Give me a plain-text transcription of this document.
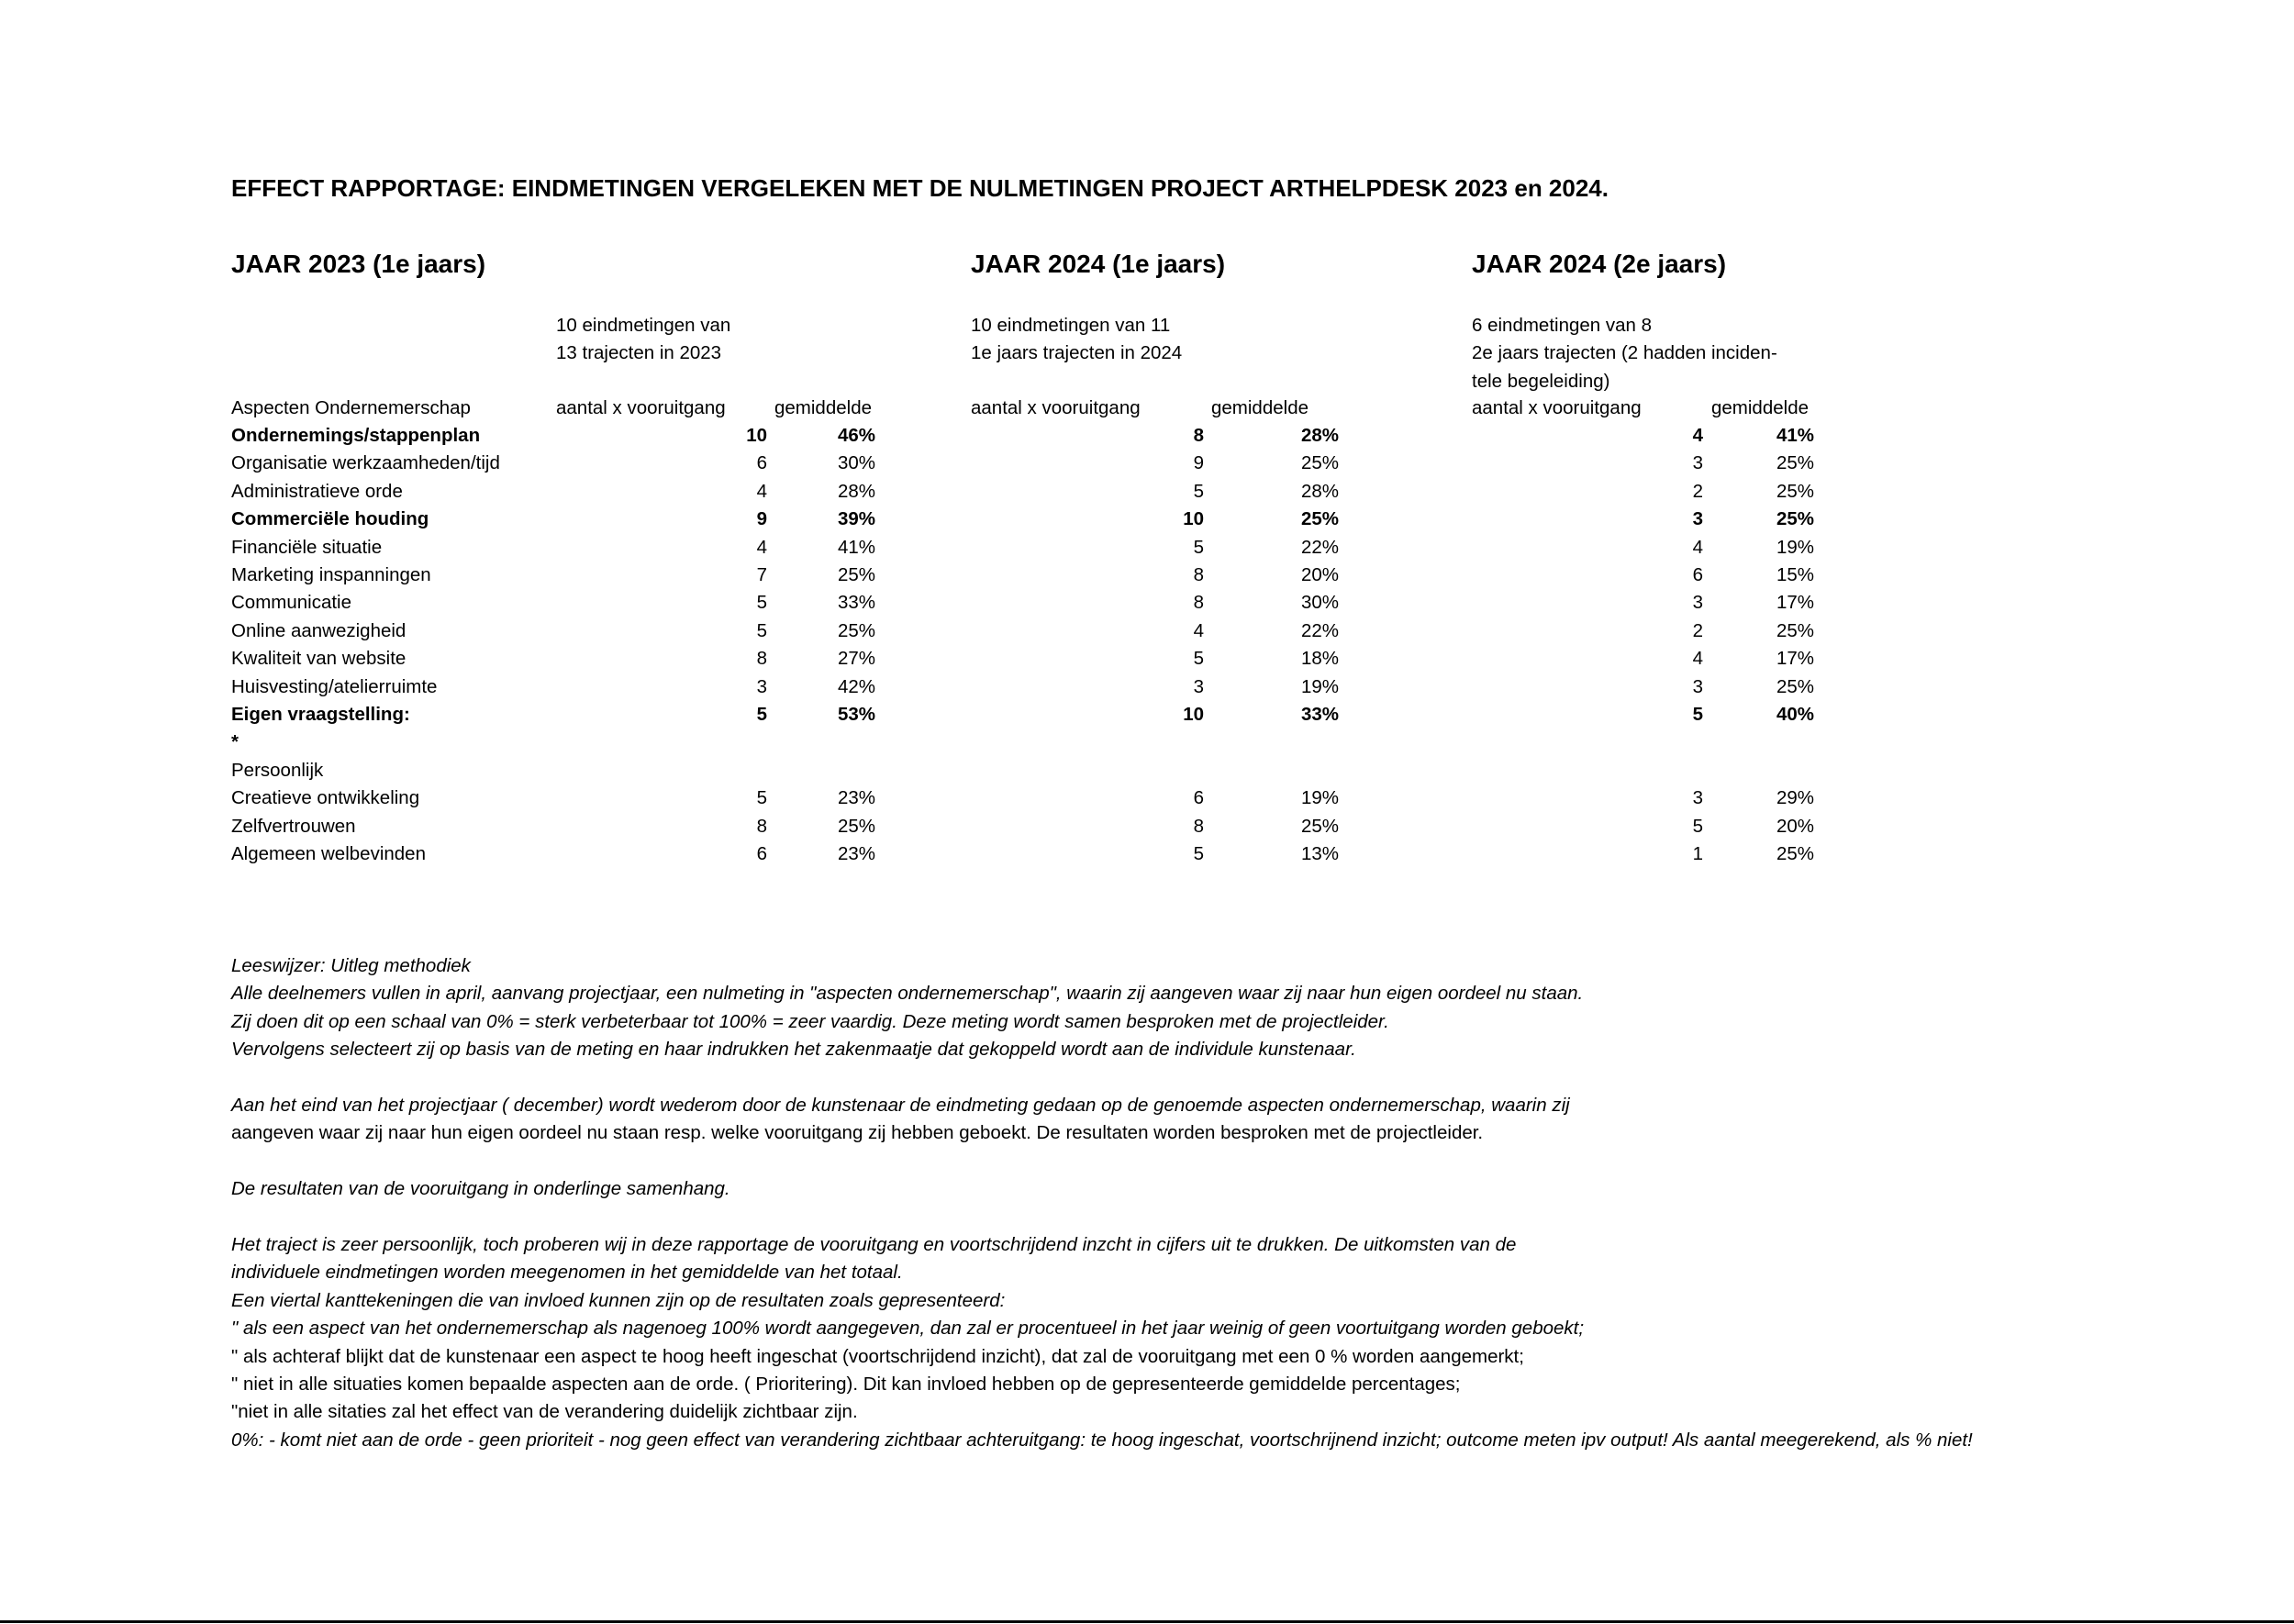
EFFECT RAPPORTAGE: EINDMETINGEN VERGELEKEN MET DE NULMETINGEN PROJECT ARTHELPDESK 2023 en 2024.
JAAR 2023 (1e jaars)
10 eindmetingen van
13 trajecten in 2023
JAAR 2024 (1e jaars)
10 eindmetingen van 11
1e jaars trajecten in 2024
JAAR 2024 (2e jaars)
6 eindmetingen van 8
2e jaars trajecten (2 hadden inciden-
tele begeleiding)
Aspecten Ondernemerschap	aantal x vooruitgang	gemiddelde	aantal x vooruitgang	gemiddelde	aantal x vooruitgang	gemiddelde
Ondernemings/stappenplan	10	46%	8	28%	4	41%
Organisatie werkzaamheden/tijd	6	30%	9	25%	3	25%
Administratieve orde	4	28%	5	28%	2	25%
Commerciële houding	9	39%	10	25%	3	25%
Financiële situatie	4	41%	5	22%	4	19%
Marketing inspanningen	7	25%	8	20%	6	15%
Communicatie	5	33%	8	30%	3	17%
Online aanwezigheid	5	25%	4	22%	2	25%
Kwaliteit van website	8	27%	5	18%	4	17%
Huisvesting/atelierruimte	3	42%	3	19%	3	25%
Eigen vraagstelling:	5	53%	10	33%	5	40%
*
Persoonlijk
Creatieve ontwikkeling	5	23%	6	19%	3	29%
Zelfvertrouwen	8	25%	8	25%	5	20%
Algemeen welbevinden	6	23%	5	13%	1	25%
Leeswijzer: Uitleg methodiek
Alle deelnemers vullen in april, aanvang projectjaar, een nulmeting in "aspecten ondernemerschap", waarin zij aangeven waar zij naar hun eigen oordeel nu staan.
Zij doen dit op een schaal van 0% = sterk verbeterbaar tot 100% = zeer vaardig. Deze meting wordt samen besproken met de projectleider.
Vervolgens selecteert zij op basis van de meting en haar indrukken het zakenmaatje dat gekoppeld wordt aan de individule kunstenaar.
Aan het eind van het projectjaar ( december) wordt wederom door de kunstenaar de eindmeting gedaan op de genoemde aspecten ondernemerschap, waarin zij
aangeven waar zij naar hun eigen oordeel nu staan resp. welke vooruitgang zij hebben geboekt. De resultaten worden besproken met de projectleider.
De resultaten van de vooruitgang in onderlinge samenhang.
Het traject is zeer persoonlijk, toch proberen wij in deze rapportage de vooruitgang en voortschrijdend inzcht in cijfers uit te drukken. De uitkomsten van de
individuele eindmetingen worden meegenomen in het gemiddelde van het totaal.
Een viertal kanttekeningen die van invloed kunnen zijn op de resultaten zoals gepresenteerd:
" als een aspect van het ondernemerschap als nagenoeg 100% wordt aangegeven, dan zal er procentueel in het jaar weinig of geen voortuitgang worden geboekt;
" als achteraf blijkt dat de kunstenaar een aspect te hoog heeft ingeschat (voortschrijdend inzicht), dat zal de vooruitgang met een 0 % worden aangemerkt;
" niet in alle situaties komen bepaalde aspecten aan de orde. ( Prioritering). Dit kan invloed hebben op de gepresenteerde gemiddelde percentages;
"niet in alle sitaties zal het effect van de verandering duidelijk zichtbaar zijn.
0%: - komt niet aan de orde - geen prioriteit - nog geen effect van verandering zichtbaar achteruitgang: te hoog ingeschat, voortschrijnend inzicht; outcome meten ipv output! Als aantal meegerekend, als % niet!
